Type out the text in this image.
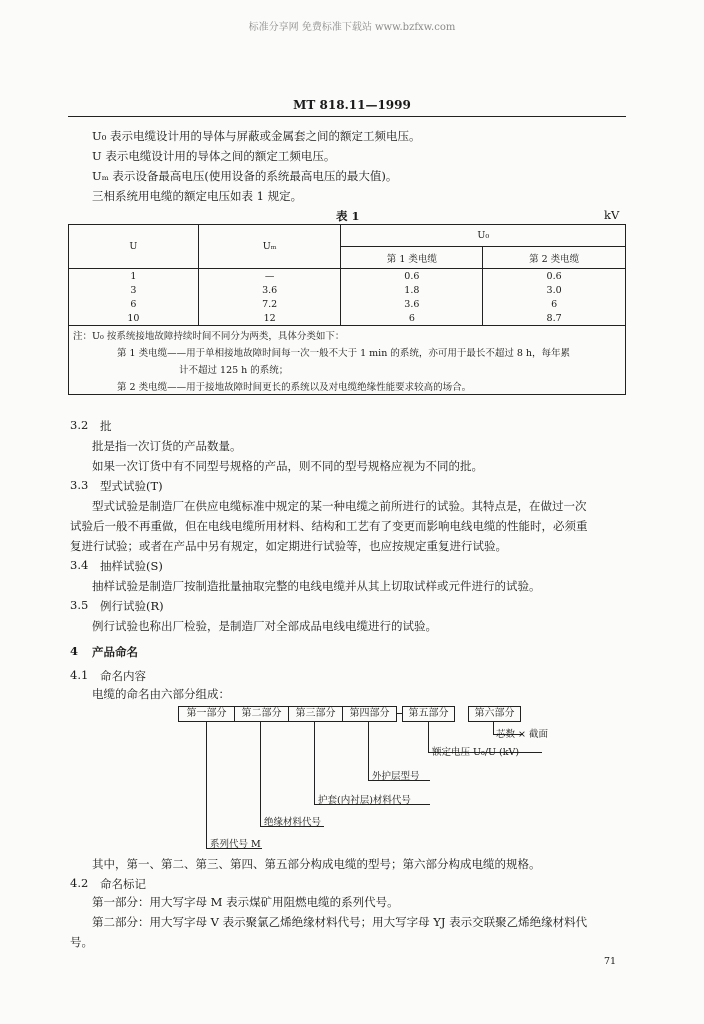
标准分享网 免费标准下载站 www.bzfxw.com
MT 818.11—1999
U₀ 表示电缆设计用的导体与屏蔽或金属套之间的额定工频电压。
U 表示电缆设计用的导体之间的额定工频电压。
Uₘ 表示设备最高电压(使用设备的系统最高电压的最大值)。
三相系统用电缆的额定电压如表 1 规定。
表 1	kV
U	Uₘ	U₀	
		第 1 类电缆	第 2 类电缆
1	—	0.6	0.6
3	3.6	1.8	3.0
6	7.2	3.6	6
10	12	6	8.7

注：U₀ 按系统接地故障持续时间不同分为两类，具体分类如下：
第 1 类电缆——用于单相接地故障时间每一次一般不大于 1 min 的系统，亦可用于最长不超过 8 h，每年累
计不超过 125 h 的系统；
第 2 类电缆——用于接地故障时间更长的系统以及对电缆绝缘性能要求较高的场合。			
3.2 批
批是指一次订货的产品数量。
如果一次订货中有不同型号规格的产品，则不同的型号规格应视为不同的批。
3.3 型式试验(T)
型式试验是制造厂在供应电缆标准中规定的某一种电缆之前所进行的试验。其特点是，在做过一次
试验后一般不再重做，但在电线电缆所用材料、结构和工艺有了变更而影响电线电缆的性能时，必须重
复进行试验；或者在产品中另有规定，如定期进行试验等，也应按规定重复进行试验。
3.4 抽样试验(S)
抽样试验是制造厂按制造批量抽取完整的电线电缆并从其上切取试样或元件进行的试验。
3.5 例行试验(R)
例行试验也称出厂检验，是制造厂对全部成品电线电缆进行的试验。
4 产品命名
4.1 命名内容
电缆的命名由六部分组成：
第一部分	第二部分	第三部分	第四部分	第五部分	第六部分
芯数 × 截面
额定电压 U₀/U (kV)
外护层型号
护套(内衬层)材料代号
绝缘材料代号
系列代号 M
其中，第一、第二、第三、第四、第五部分构成电缆的型号；第六部分构成电缆的规格。
4.2 命名标记
第一部分：用大写字母 M 表示煤矿用阻燃电缆的系列代号。
第二部分：用大写字母 V 表示聚氯乙烯绝缘材料代号；用大写字母 YJ 表示交联聚乙烯绝缘材料代
号。
71
